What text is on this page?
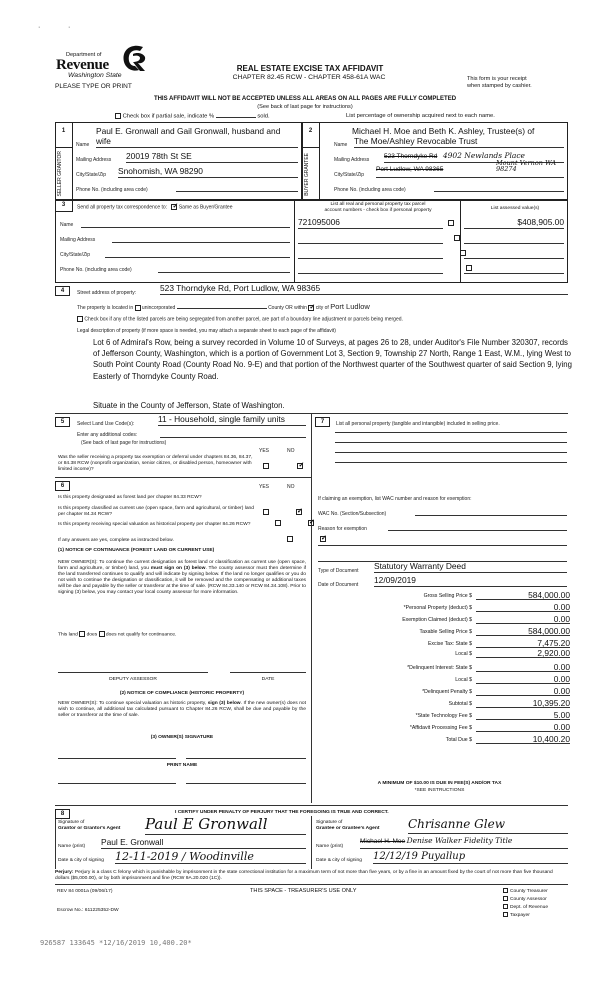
·	·
Department of
Revenue
Washington State
PLEASE TYPE OR PRINT
REAL ESTATE EXCISE TAX AFFIDAVIT
CHAPTER 82.45 RCW - CHAPTER 458-61A WAC	This form is your receipt
when stamped by cashier.
THIS AFFIDAVIT WILL NOT BE ACCEPTED UNLESS ALL AREAS ON ALL PAGES ARE FULLY COMPLETED
(See back of last page for instructions)
Check box if partial sale, indicate %	sold.	List percentage of ownership acquired next to each name.
1
SELLER GRANTOR
Paul E. Gronwall and Gail Gronwall, husband and
Name wife
Mailing Address 20019 78th St SE
City/State/Zip Snohomish, WA 98290
Phone No. (including area code)
2
BUYER GRANTEE
Michael H. Moe and Beth K. Ashley, Trustee(s) of
Name The Moe/Ashley Revocable Trust
Mailing Address 523 Thorndyke Rd 4902 Newlands Place
City/State/Zip
Port Ludlow, WA 98365
Mount Vernon WA 98274
Phone No. (including area code)
3	Send all property tax correspondence to: ✓ Same as Buyer/Grantee
Name
Mailing Address
City/State/Zip
Phone No. (including area code)
List all real and personal property tax parcel
account numbers - check box if personal property	List assessed value(s)
721095006	$408,905.00
4	Street address of property:	523 Thorndyke Rd, Port Ludlow, WA 98365
The property is located in unincorporated	County OR within ✓ city of Port Ludlow
Check box if any of the listed parcels are being segregated from another parcel, are part of a boundary line adjustment or parcels being merged.
Legal description of property (if more space is needed, you may attach a separate sheet to each page of the affidavit)
Lot 6 of Admiral's Row, being a survey recorded in Volume 10 of Surveys, at pages 26 to 28, under Auditor's File Number 320307, records of Jefferson County, Washington, which is a portion of Government Lot 3, Section 9, Township 27 North, Range 1 East, W.M., lying West to South Point County Road (County Road No. 9-E) and that portion of the Northwest quarter of the Southwest quarter of said Section 9, lying Easterly of Thorndyke County Road.
Situate in the County of Jefferson, State of Washington.
5	Select Land Use Code(s):	11 - Household, single family units
Enter any additional codes:
(See back of last page for instructions)
YES	NO
Was the seller receiving a property tax exemption or deferral under chapters 84.36, 84.37, or 84.38 RCW (nonprofit organization, senior citizen, or disabled person, homeowner with limited income)?
✓
7	List all personal property (tangible and intangible) included in selling price.
6	YES	NO
Is this property designated as forest land per chapter 84.33 RCW?
✓
Is this property classified as current use (open space, farm and agricultural, or timber) land per chapter 84.34 RCW?
✓
Is this property receiving special valuation as historical property per chapter 84.26 RCW?
✓
If any answers are yes, complete as instructed below.
(1) NOTICE OF CONTINUANCE (FOREST LAND OR CURRENT USE)
NEW OWNER(S): To continue the current designation as forest land or classification as current use (open space, farm and agriculture, or timber) land, you must sign on (3) below. The county assessor must then determine if the land transferred continues to qualify and will indicate by signing below. If the land no longer qualifies or you do not wish to continue the designation or classification, it will be removed and the compensating or additional taxes will be due and payable by the seller or transferor at the time of sale. (RCW 84.33.140 or RCW 84.34.108). Prior to signing (3) below, you may contact your local county assessor for more information.
This land does does not qualify for continuance.
DEPUTY ASSESSOR	DATE
(2) NOTICE OF COMPLIANCE (HISTORIC PROPERTY)
NEW OWNER(S): To continue special valuation as historic property, sign (3) below. If the new owner(s) does not wish to continue, all additional tax calculated pursuant to Chapter 84.26 RCW, shall be due and payable by the seller or transferor at the time of sale.
(3) OWNER(S) SIGNATURE
PRINT NAME
If claiming an exemption, list WAC number and reason for exemption:
WAC No. (Section/Subsection)
Reason for exemption
Type of Document Statutory Warranty Deed
Date of Document 12/09/2019
Gross Selling Price $	584,000.00
*Personal Property (deduct) $	0.00
Exemption Claimed (deduct) $	0.00
Taxable Selling Price $	584,000.00
Excise Tax: State $	7,475.20
Local $	2,920.00
*Delinquent Interest: State $	0.00
Local $	0.00
*Delinquent Penalty $	0.00
Subtotal $	10,395.20
*State Technology Fee $	5.00
*Affidavit Processing Fee $	0.00
Total Due $	10,400.20
A MINIMUM OF $10.00 IS DUE IN FEE(S) AND/OR TAX
*SEE INSTRUCTIONS
8	I CERTIFY UNDER PENALTY OF PERJURY THAT THE FOREGOING IS TRUE AND CORRECT.
Signature of
Grantor or Grantor's Agent Paul E Gronwall
Name (print) Paul E. Gronwall
Date & city of signing 12-11-2019 / Woodinville
Signature of
Grantee or Grantee's Agent Chrisanne Glew
Name (print)
Michael H. Moe Denise Walker Fidelity Title
Date & city of signing 12/12/19 Puyallup
Perjury: Perjury is a class C felony which is punishable by imprisonment in the state correctional institution for a maximum term of not more than five years, or by a fine in an amount fixed by the court of not more than five thousand dollars ($5,000.00), or by both imprisonment and fine (RCW 9A.20.020 (1C)).
REV 84 0001a (09/06/17)	THIS SPACE - TREASURER'S USE ONLY
Escrow No.: 611225352-DW
County Treasurer
County Assessor
Dept. of Revenue
Taxpayer
926587 133645 *12/16/2019 10,400.20*
